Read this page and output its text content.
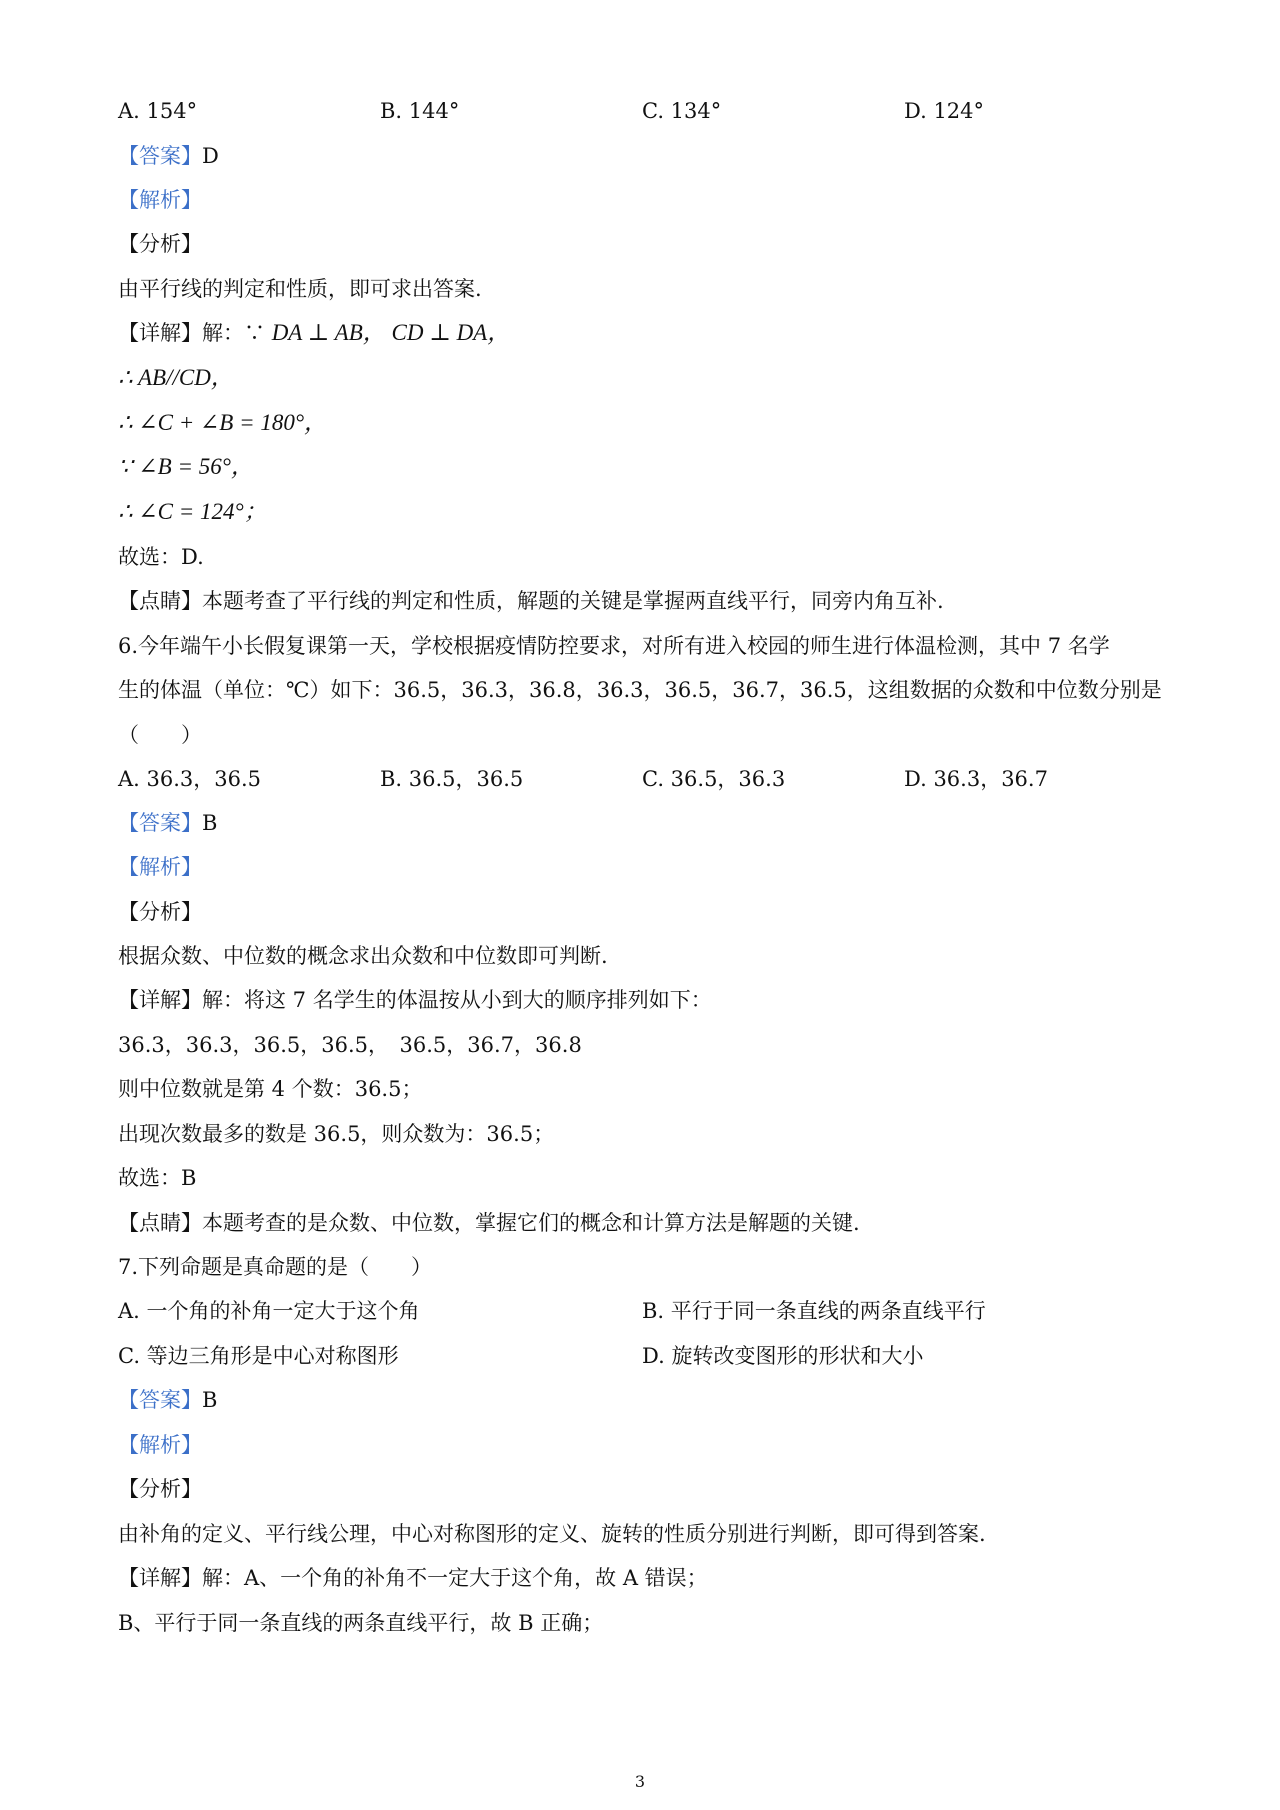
A. 154°	B. 144°	C. 134°	D. 124°
【答案】D
【解析】
【分析】
由平行线的判定和性质，即可求出答案.
【详解】解：∵ DA ⊥ AB， CD ⊥ DA，
∴ AB//CD，
∴ ∠C + ∠B = 180°，
∵ ∠B = 56°，
∴ ∠C = 124°；
故选：D.
【点睛】本题考查了平行线的判定和性质，解题的关键是掌握两直线平行，同旁内角互补.
6.今年端午小长假复课第一天，学校根据疫情防控要求，对所有进入校园的师生进行体温检测，其中 7 名学
生的体温（单位：℃）如下：36.5，36.3，36.8，36.3，36.5，36.7，36.5，这组数据的众数和中位数分别是
（　　）
A. 36.3，36.5	B. 36.5，36.5	C. 36.5，36.3	D. 36.3，36.7
【答案】B
【解析】
【分析】
根据众数、中位数的概念求出众数和中位数即可判断.
【详解】解：将这 7 名学生的体温按从小到大的顺序排列如下：
36.3，36.3，36.5，36.5，　36.5，36.7，36.8
则中位数就是第 4 个数：36.5；
出现次数最多的数是 36.5，则众数为：36.5；
故选：B
【点睛】本题考查的是众数、中位数，掌握它们的概念和计算方法是解题的关键.
7.下列命题是真命题的是（　　）
A. 一个角的补角一定大于这个角	B. 平行于同一条直线的两条直线平行
C. 等边三角形是中心对称图形	D. 旋转改变图形的形状和大小
【答案】B
【解析】
【分析】
由补角的定义、平行线公理，中心对称图形的定义、旋转的性质分别进行判断，即可得到答案.
【详解】解：A、一个角的补角不一定大于这个角，故 A 错误；
B、平行于同一条直线的两条直线平行，故 B 正确；
3
